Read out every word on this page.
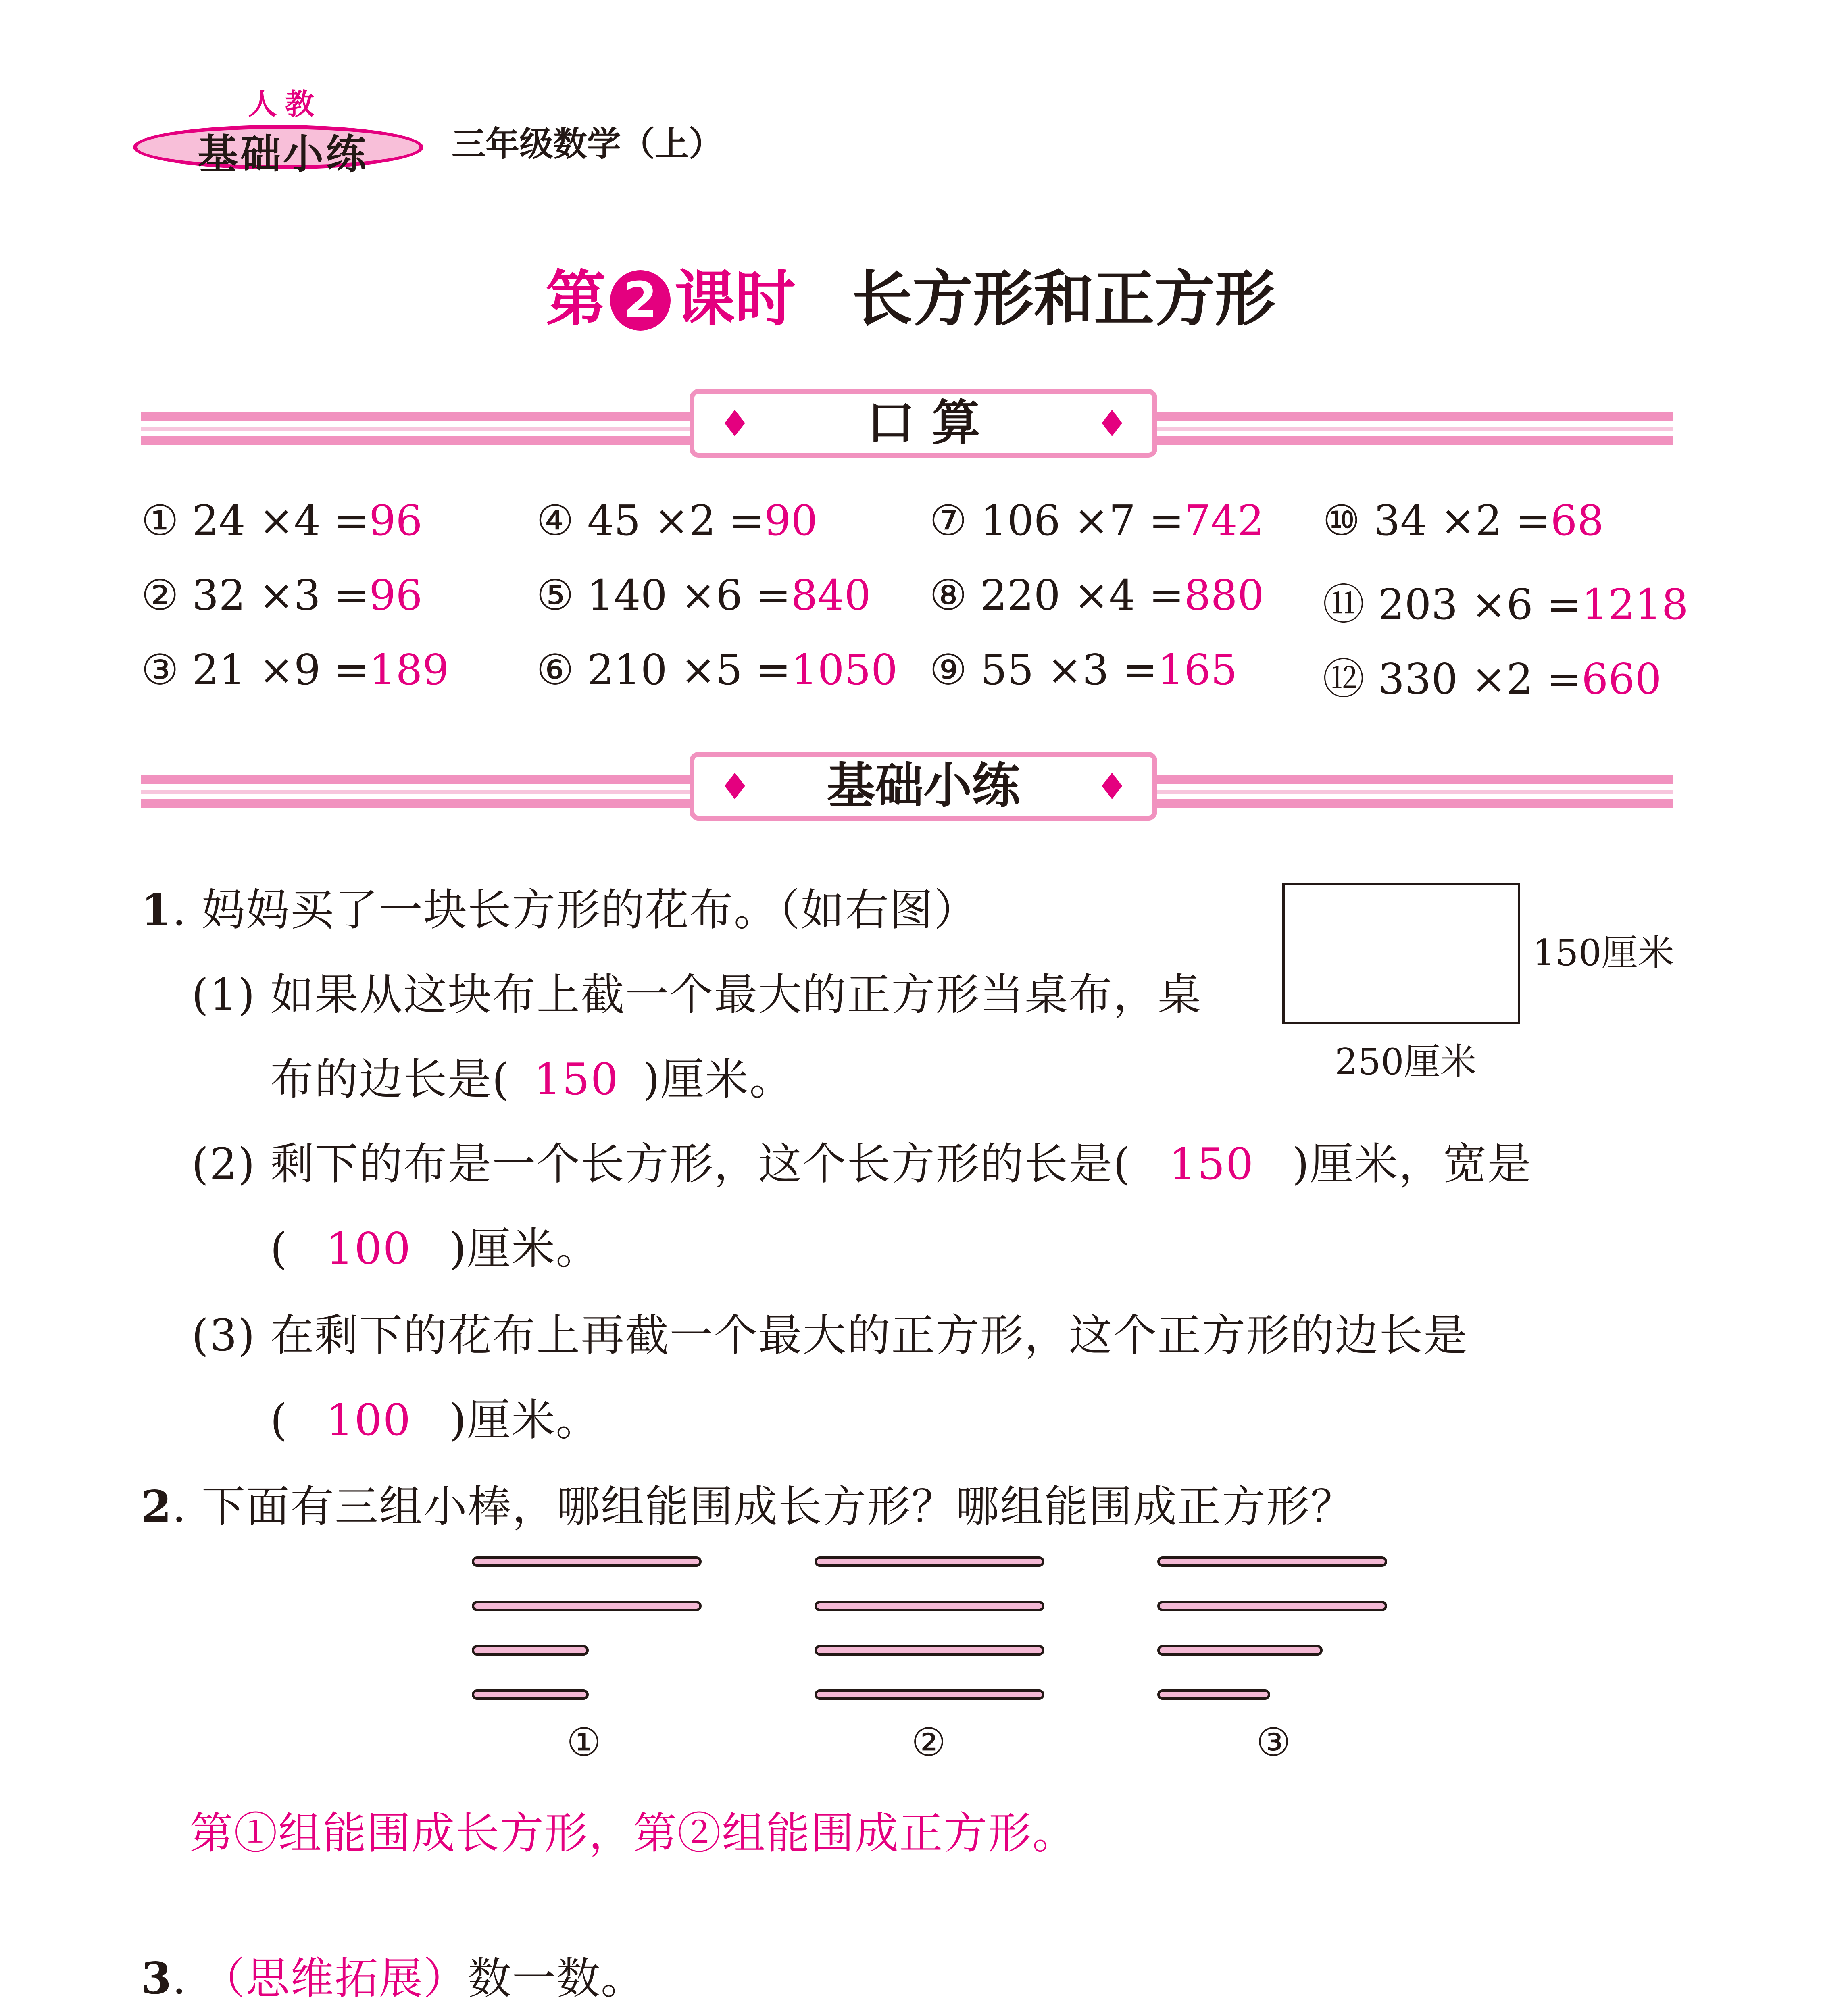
人教
基础小练 三年级数学（上）
第 2 课时 长方形和正方形
♦ 口 算	♦
① 24 ×4 =96
② 32 ×3 =96
③ 21 ×9 =189
④ 45 ×2 =90
⑤ 140 ×6 =840
⑥ 210 ×5 =1050
⑦ 106 ×7 =742
⑧ 220 ×4 =880
⑨ 55 ×3 =165
⑩ 34 ×2 =68
⑪ 203 ×6 =1218
⑫ 330 ×2 =660
♦ 基础小练 ♦
1. 妈妈买了一块长方形的花布。（如右图）
150厘米
250厘米
(1) 如果从这块布上截一个最大的正方形当桌布，桌
布的边长是( 150 )厘米。
(2) 剩下的布是一个长方形，这个长方形的长是( 150 )厘米，宽是
( 100 )厘米。
(3) 在剩下的花布上再截一个最大的正方形，这个正方形的边长是
( 100 )厘米。
2. 下面有三组小棒，哪组能围成长方形？哪组能围成正方形？
①	②	③
第①组能围成长方形，第②组能围成正方形。
3. （思维拓展）数一数。
